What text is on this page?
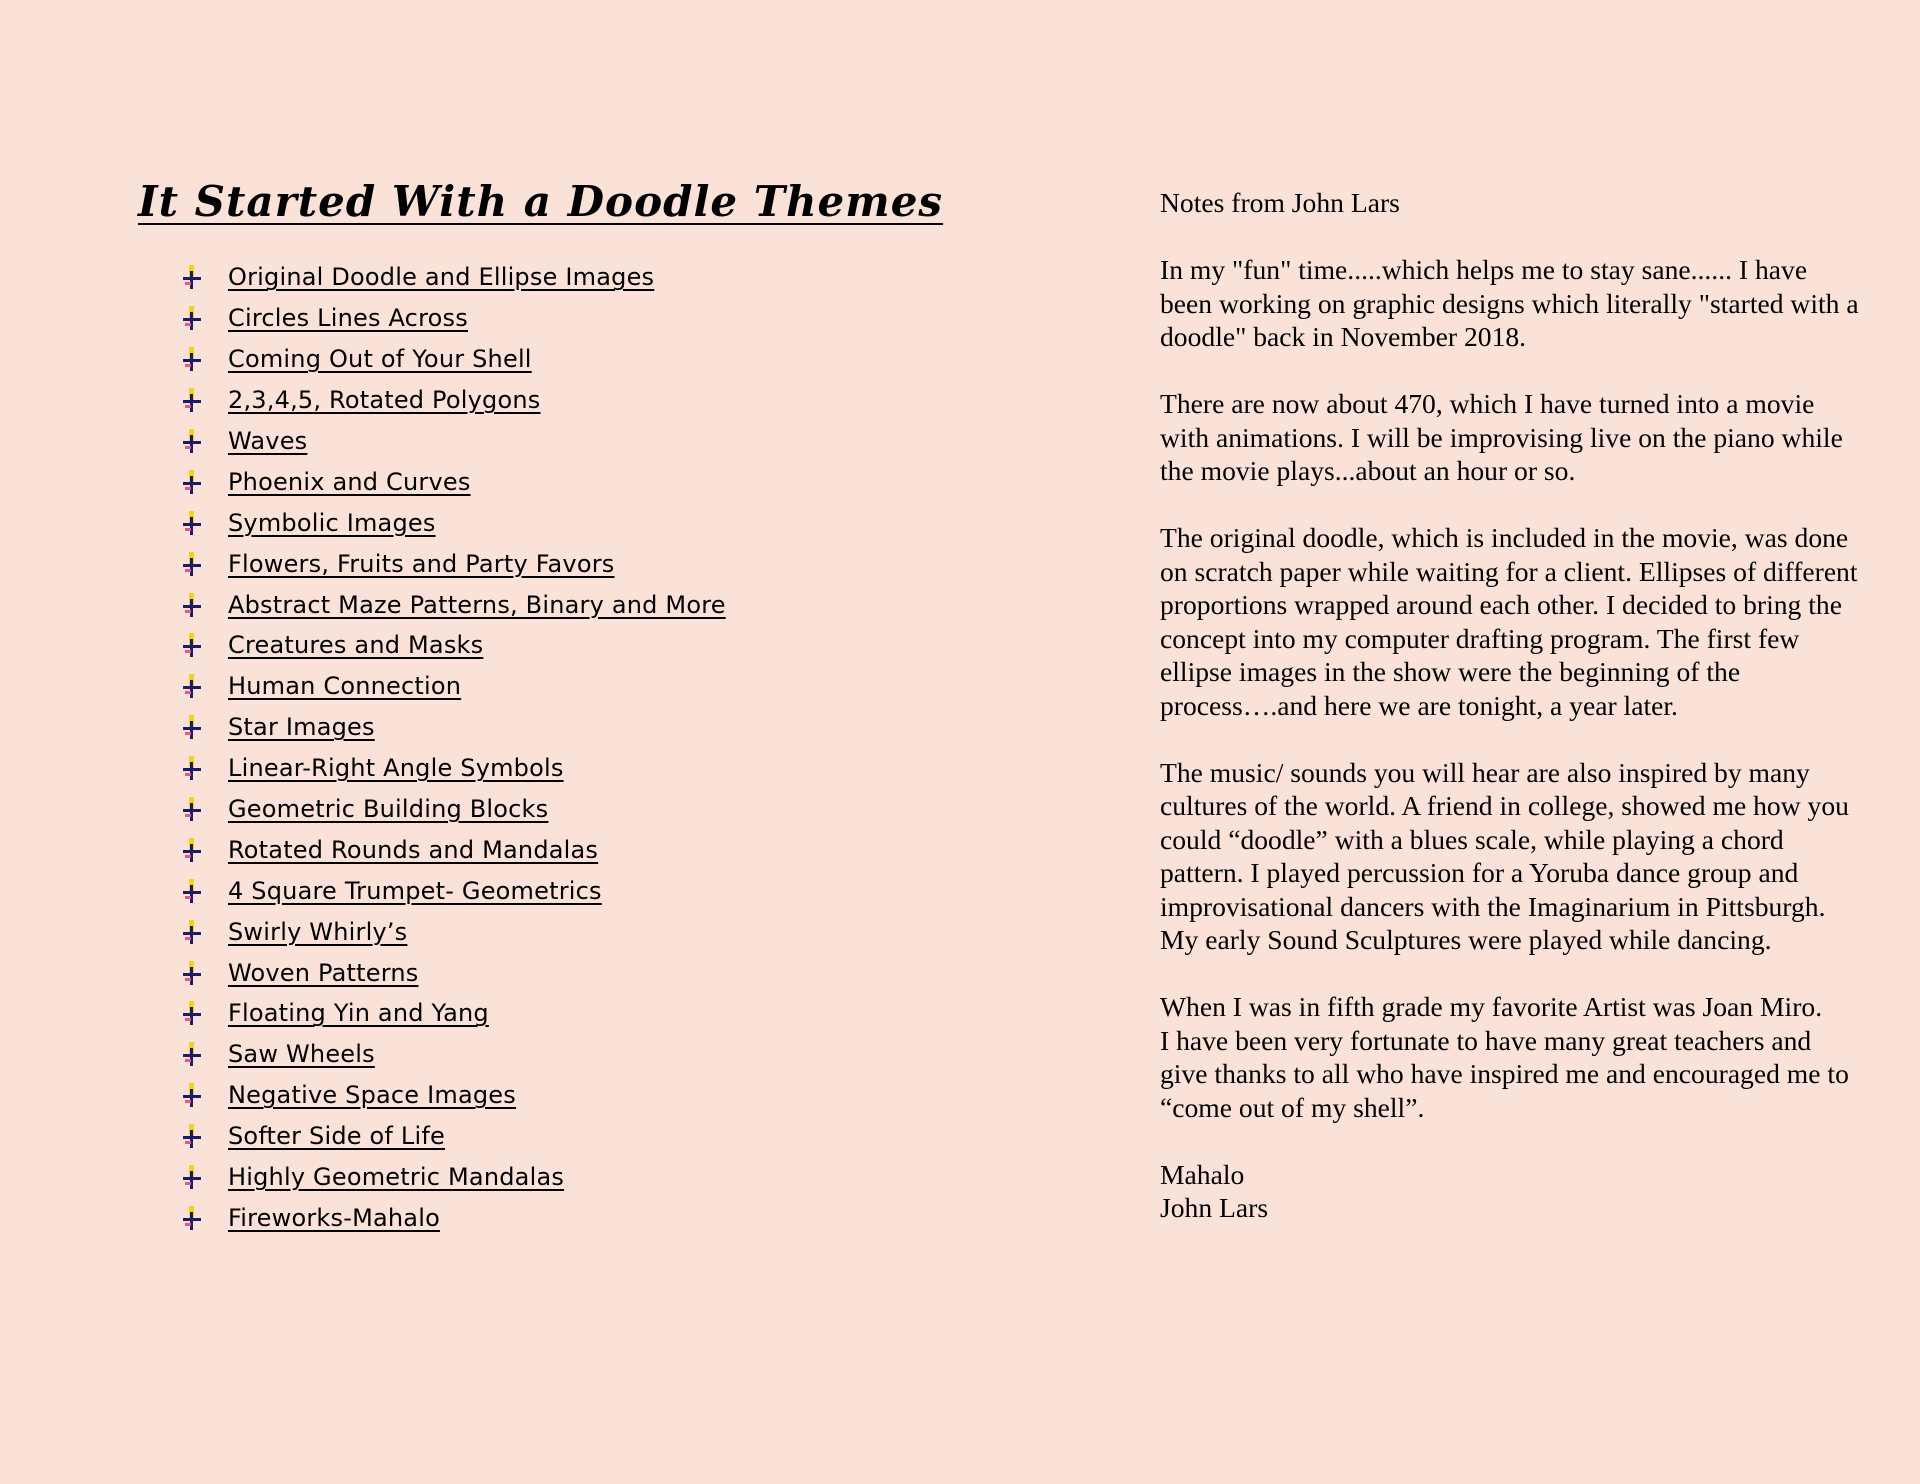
It Started With a Doodle Themes
Original Doodle and Ellipse Images
Circles Lines Across
Coming Out of Your Shell
2,3,4,5, Rotated Polygons
Waves
Phoenix and Curves
Symbolic Images
Flowers, Fruits and Party Favors
Abstract Maze Patterns, Binary and More
Creatures and Masks
Human Connection
Star Images
Linear-Right Angle Symbols
Geometric Building Blocks
Rotated Rounds and Mandalas
4 Square Trumpet- Geometrics
Swirly Whirly’s
Woven Patterns
Floating Yin and Yang
Saw Wheels
Negative Space Images
Softer Side of Life
Highly Geometric Mandalas
Fireworks-Mahalo

Notes from John Lars

In my "fun" time.....which helps me to stay sane...... I have been working on graphic designs which literally "started with a doodle" back in November 2018.

There are now about 470, which I have turned into a movie with animations. I will be improvising live on the piano while the movie plays...about an hour or so.

The original doodle, which is included in the movie, was done on scratch paper while waiting for a client. Ellipses of different proportions wrapped around each other. I decided to bring the concept into my computer drafting program. The first few ellipse images in the show were the beginning of the process….and here we are tonight, a year later.

The music/ sounds you will hear are also inspired by many cultures of the world. A friend in college, showed me how you could “doodle” with a blues scale, while playing a chord pattern. I played percussion for a Yoruba dance group and improvisational dancers with the Imaginarium in Pittsburgh. My early Sound Sculptures were played while dancing.

When I was in fifth grade my favorite Artist was Joan Miro.

I have been very fortunate to have many great teachers and give thanks to all who have inspired me and encouraged me to “come out of my shell”.

Mahalo

John Lars
